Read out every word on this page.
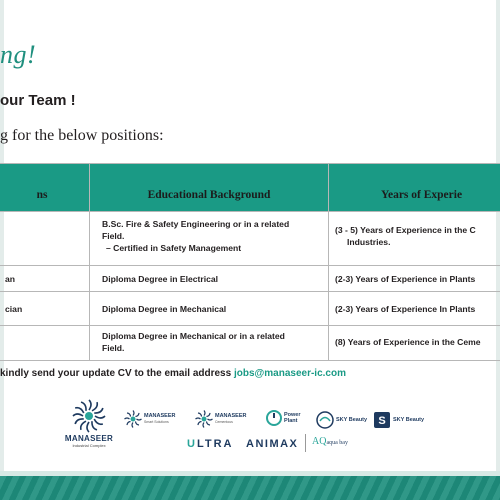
ng!
our Team !
g for the below positions:
ns	Educational Background	Years of Experie

	B.Sc. Fire & Safety Engineering or in a related
Field.
– Certified in Safety Management	(3 - 5) Years of Experience in the C
Industries.

an	Diploma Degree in Electrical	(2-3) Years of Experience in Plants

cian	Diploma Degree in Mechanical	(2-3) Years of Experience In Plants

	Diploma Degree in Mechanical or in a related
Field.	(8) Years of Experience in the Ceme
kindly send your update CV to the email address jobs@manaseer-ic.com
MANASEER
Industrial Complex
MANASEER
Smart Solutions
MANASEER
Cementous
Power
Plant	SKY Beauty S SKY Beauty
ULTRA ANIMAX AQaqua bay
